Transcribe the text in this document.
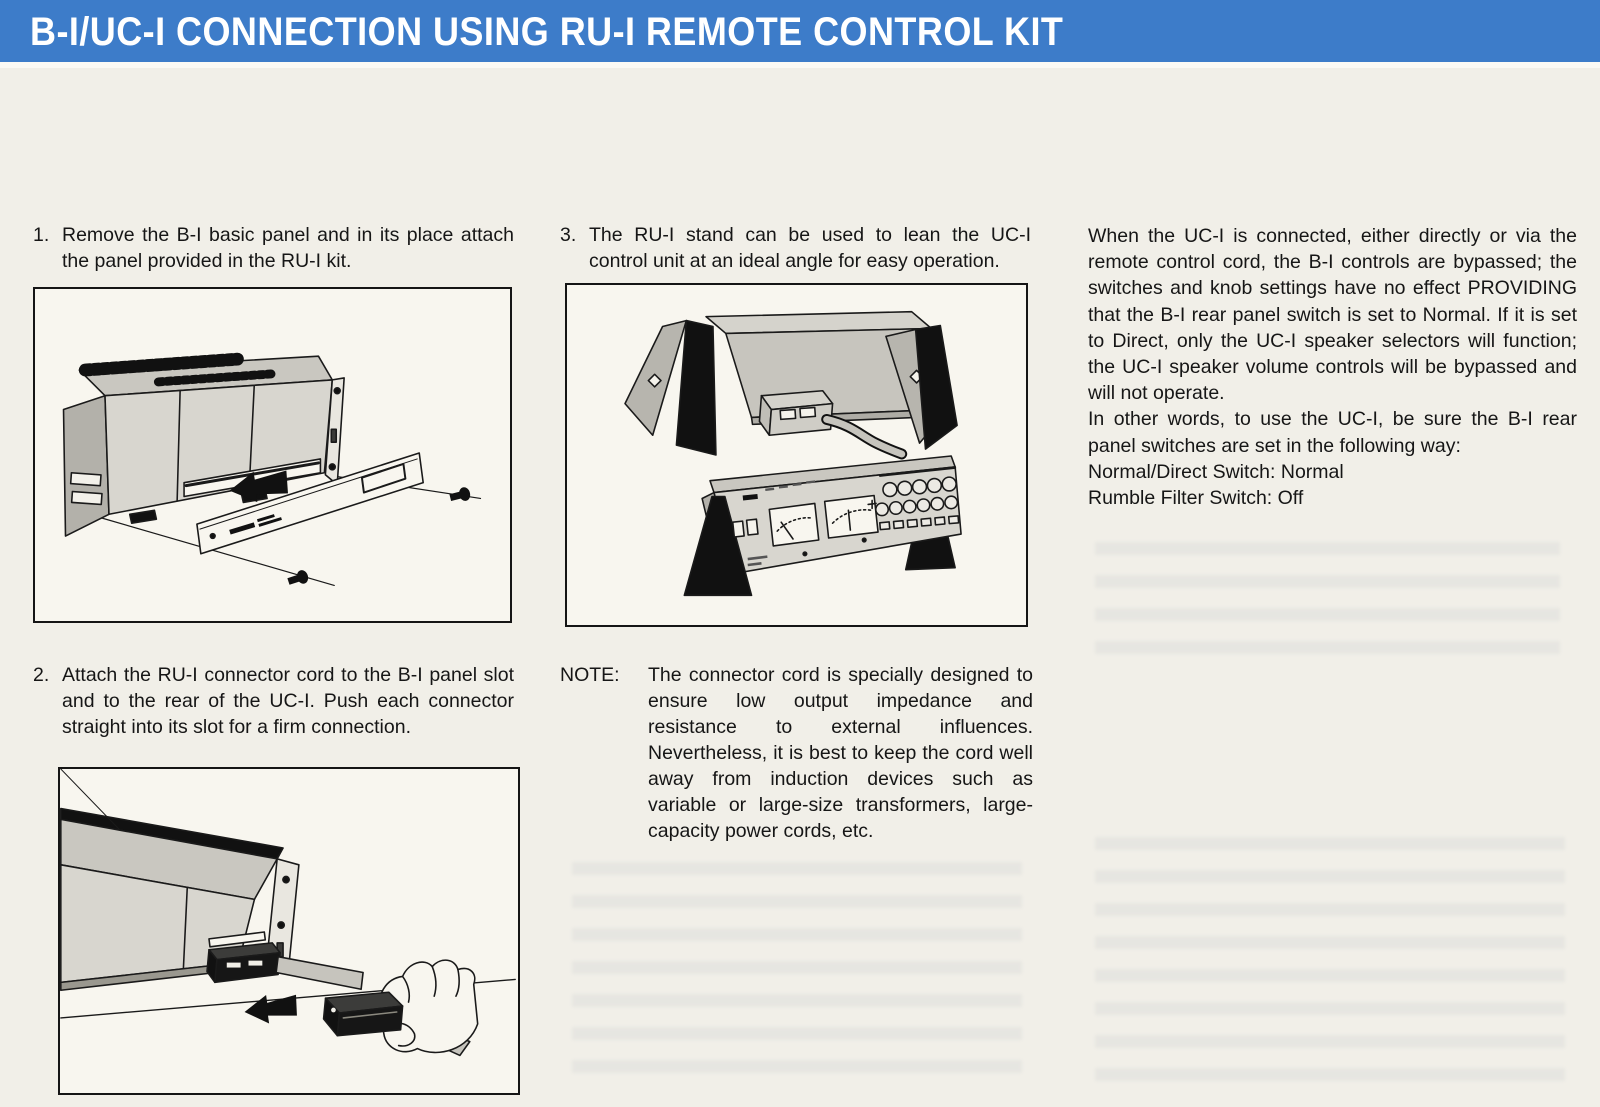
B-I/UC-I CONNECTION USING RU-I REMOTE CONTROL KIT
1. Remove the B-I basic panel and in its place attach the panel provided in the RU-I kit.

2. Attach the RU-I connector cord to the B-I panel slot and to the rear of the UC-I. Push each connector straight into its slot for a firm connection.

3. The RU-I stand can be used to lean the UC-I control unit at an ideal angle for easy operation.

NOTE:	The connector cord is specially designed to ensure low output impedance and resistance to external influences. Nevertheless, it is best to keep the cord well away from induction devices such as variable or large-size transformers, large-capacity power cords, etc.

When the UC-I is connected, either directly or via the remote control cord, the B-I controls are bypassed; the switches and knob settings have no effect PROVIDING that the B-I rear panel switch is set to Normal. If it is set to Direct, only the UC-I speaker selectors will function; the UC-I speaker volume controls will be bypassed and will not operate.

In other words, to use the UC-I, be sure the B-I rear panel switches are set in the following way:

Normal/Direct Switch: Normal
Rumble Filter Switch: Off
